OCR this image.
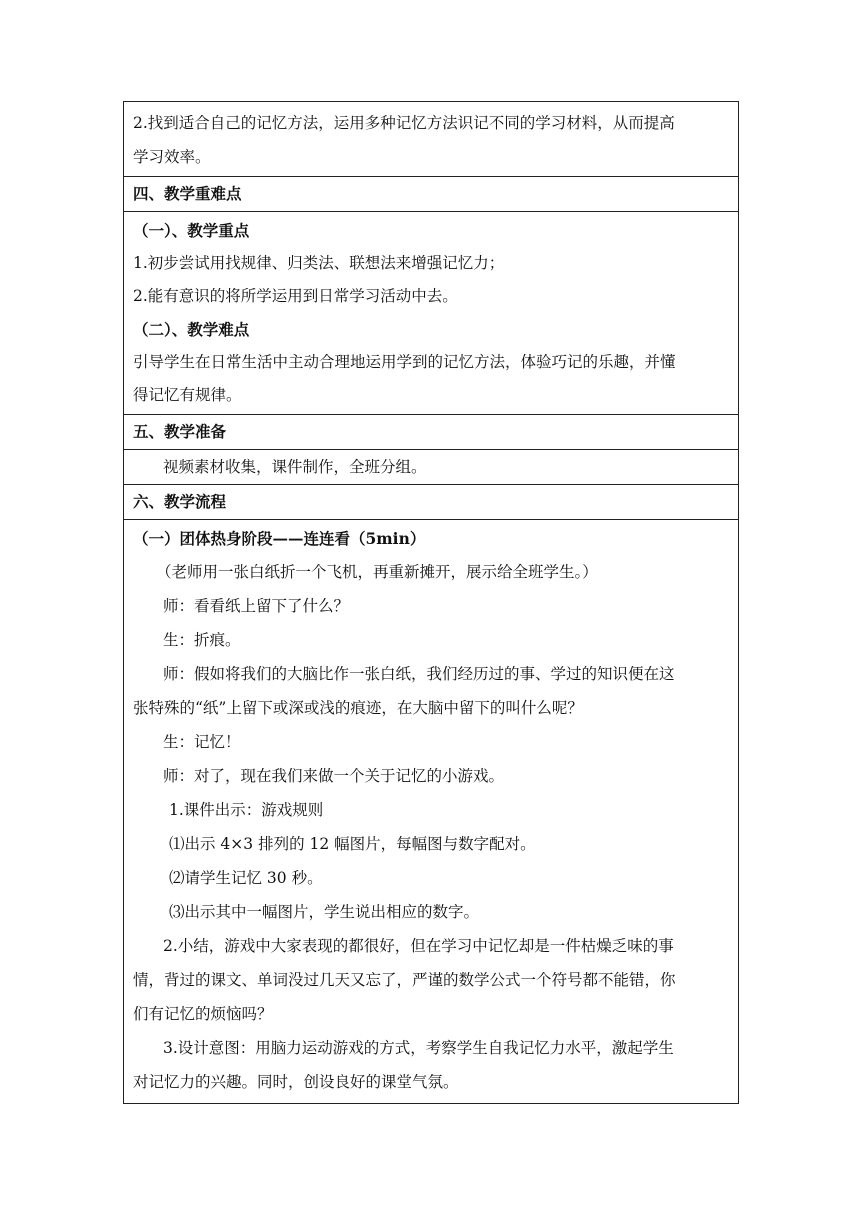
2.找到适合自己的记忆方法，运用多种记忆方法识记不同的学习材料，从而提高
学习效率。
四、教学重难点
（一）、教学重点
1.初步尝试用找规律、归类法、联想法来增强记忆力；
2.能有意识的将所学运用到日常学习活动中去。
（二）、教学难点
引导学生在日常生活中主动合理地运用学到的记忆方法，体验巧记的乐趣，并懂
得记忆有规律。
五、教学准备
视频素材收集，课件制作，全班分组。
六、教学流程
（一）团体热身阶段——连连看（5min）
（老师用一张白纸折一个飞机，再重新摊开，展示给全班学生。）
师：看看纸上留下了什么？
生：折痕。
师：假如将我们的大脑比作一张白纸，我们经历过的事、学过的知识便在这
张特殊的“纸”上留下或深或浅的痕迹，在大脑中留下的叫什么呢？
生：记忆！
师：对了，现在我们来做一个关于记忆的小游戏。
1.课件出示：游戏规则
⑴出示 4×3 排列的 12 幅图片，每幅图与数字配对。
⑵请学生记忆 30 秒。
⑶出示其中一幅图片，学生说出相应的数字。
2.小结，游戏中大家表现的都很好，但在学习中记忆却是一件枯燥乏味的事
情，背过的课文、单词没过几天又忘了，严谨的数学公式一个符号都不能错，你
们有记忆的烦恼吗？
3.设计意图：用脑力运动游戏的方式，考察学生自我记忆力水平，激起学生
对记忆力的兴趣。同时，创设良好的课堂气氛。
